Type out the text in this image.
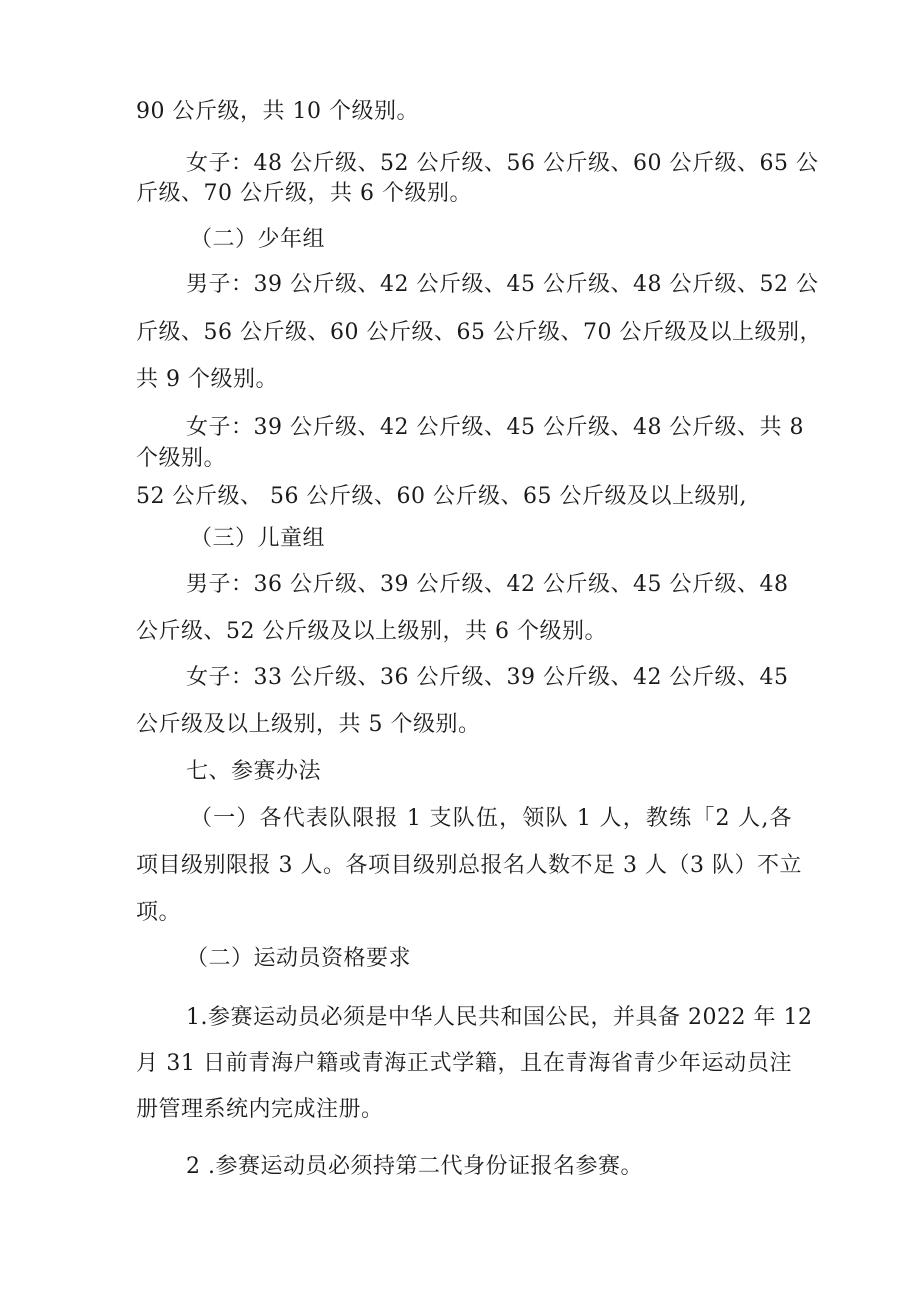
90 公斤级，共 10 个级别。
女子：48 公斤级、52 公斤级、56 公斤级、60 公斤级、65 公
斤级、70 公斤级，共 6 个级别。
（二）少年组
男子：39 公斤级、42 公斤级、45 公斤级、48 公斤级、52 公
斤级、56 公斤级、60 公斤级、65 公斤级、70 公斤级及以上级别，
共 9 个级别。
女子：39 公斤级、42 公斤级、45 公斤级、48 公斤级、共 8
个级别。
52 公斤级、 56 公斤级、60 公斤级、65 公斤级及以上级别,
（三）儿童组
男子：36 公斤级、39 公斤级、42 公斤级、45 公斤级、48
公斤级、52 公斤级及以上级别，共 6 个级别。
女子：33 公斤级、36 公斤级、39 公斤级、42 公斤级、45
公斤级及以上级别，共 5 个级别。
七、参赛办法
（一）各代表队限报 1 支队伍，领队 1 人，教练「2 人,各
项目级别限报 3 人。各项目级别总报名人数不足 3 人（3 队）不立
项。
（二）运动员资格要求
1.参赛运动员必须是中华人民共和国公民，并具备 2022 年 12
月 31 日前青海户籍或青海正式学籍，且在青海省青少年运动员注
册管理系统内完成注册。
2 .参赛运动员必须持第二代身份证报名参赛。
